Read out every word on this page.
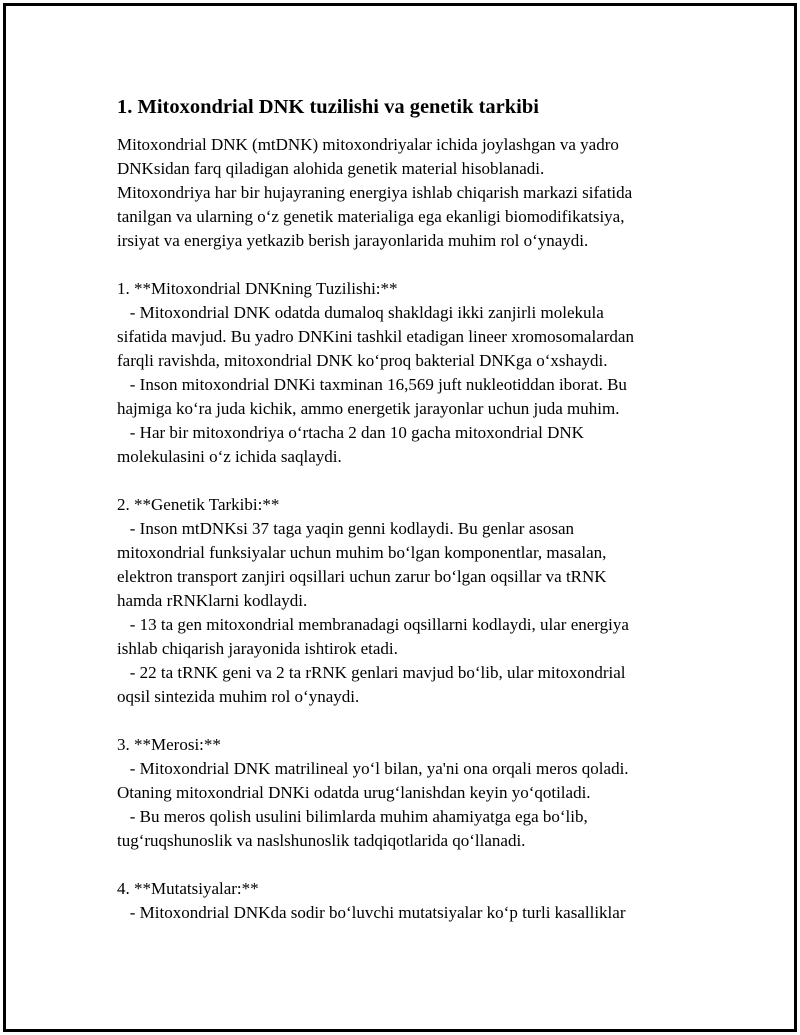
1. Mitoxondrial DNK tuzilishi va genetik tarkibi
Mitoxondrial DNK (mtDNK) mitoxondriyalar ichida joylashgan va yadro
DNKsidan farq qiladigan alohida genetik material hisoblanadi.
Mitoxondriya har bir hujayraning energiya ishlab chiqarish markazi sifatida
tanilgan va ularning o‘z genetik materialiga ega ekanligi biomodifikatsiya,
irsiyat va energiya yetkazib berish jarayonlarida muhim rol o‘ynaydi.
1. **Mitoxondrial DNKning Tuzilishi:**
- Mitoxondrial DNK odatda dumaloq shakldagi ikki zanjirli molekula
sifatida mavjud. Bu yadro DNKini tashkil etadigan lineer xromosomalardan
farqli ravishda, mitoxondrial DNK ko‘proq bakterial DNKga o‘xshaydi.
- Inson mitoxondrial DNKi taxminan 16,569 juft nukleotiddan iborat. Bu
hajmiga ko‘ra juda kichik, ammo energetik jarayonlar uchun juda muhim.
- Har bir mitoxondriya o‘rtacha 2 dan 10 gacha mitoxondrial DNK
molekulasini o‘z ichida saqlaydi.
2. **Genetik Tarkibi:**
- Inson mtDNKsi 37 taga yaqin genni kodlaydi. Bu genlar asosan
mitoxondrial funksiyalar uchun muhim bo‘lgan komponentlar, masalan,
elektron transport zanjiri oqsillari uchun zarur bo‘lgan oqsillar va tRNK
hamda rRNKlarni kodlaydi.
- 13 ta gen mitoxondrial membranadagi oqsillarni kodlaydi, ular energiya
ishlab chiqarish jarayonida ishtirok etadi.
- 22 ta tRNK geni va 2 ta rRNK genlari mavjud bo‘lib, ular mitoxondrial
oqsil sintezida muhim rol o‘ynaydi.
3. **Merosi:**
- Mitoxondrial DNK matrilineal yo‘l bilan, ya'ni ona orqali meros qoladi.
Otaning mitoxondrial DNKi odatda urug‘lanishdan keyin yo‘qotiladi.
- Bu meros qolish usulini bilimlarda muhim ahamiyatga ega bo‘lib,
tug‘ruqshunoslik va naslshunoslik tadqiqotlarida qo‘llanadi.
4. **Mutatsiyalar:**
- Mitoxondrial DNKda sodir bo‘luvchi mutatsiyalar ko‘p turli kasalliklar
